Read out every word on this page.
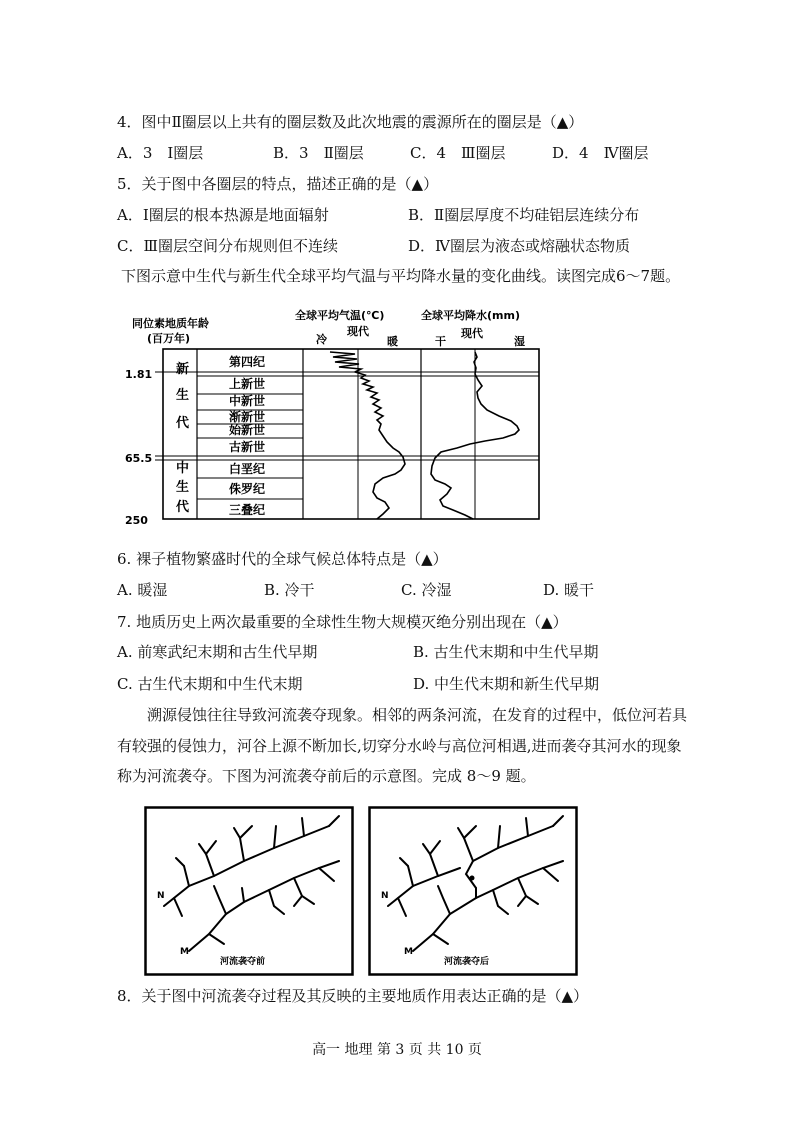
4．图中Ⅱ圈层以上共有的圈层数及此次地震的震源所在的圈层是（▲）
A．3　Ⅰ圈层	B．3　Ⅱ圈层	C．4　Ⅲ圈层	D．4　Ⅳ圈层
5．关于图中各圈层的特点，描述正确的是（▲）
A．Ⅰ圈层的根本热源是地面辐射	B．Ⅱ圈层厚度不均硅铝层连续分布
C．Ⅲ圈层空间分布规则但不连续	D．Ⅳ圈层为液态或熔融状态物质
下图示意中生代与新生代全球平均气温与平均降水量的变化曲线。读图完成6～7题。
同位素地质年龄
(百万年)
全球平均气温(℃)
冷
现代
暖
全球平均降水(mm)
干
现代
湿
新
生
代
中
生
代
第四纪
上新世
中新世
渐新世
始新世
古新世
白垩纪
侏罗纪
三叠纪
1.81
65.5
250
6. 裸子植物繁盛时代的全球气候总体特点是（▲）
A. 暖湿	B. 冷干	C. 冷湿	D. 暖干
7. 地质历史上两次最重要的全球性生物大规模灭绝分别出现在（▲）
A. 前寒武纪末期和古生代早期	B. 古生代末期和中生代早期
C. 古生代末期和中生代末期	D. 中生代末期和新生代早期
溯源侵蚀往往导致河流袭夺现象。相邻的两条河流，在发育的过程中，低位河若具
有较强的侵蚀力，河谷上源不断加长,切穿分水岭与高位河相遇,进而袭夺其河水的现象
称为河流袭夺。下图为河流袭夺前后的示意图。完成 8～9 题。
N
M
河流袭夺前
N
M
河流袭夺后
8．关于图中河流袭夺过程及其反映的主要地质作用表达正确的是（▲）
高一 地理 第 3 页 共 10 页
